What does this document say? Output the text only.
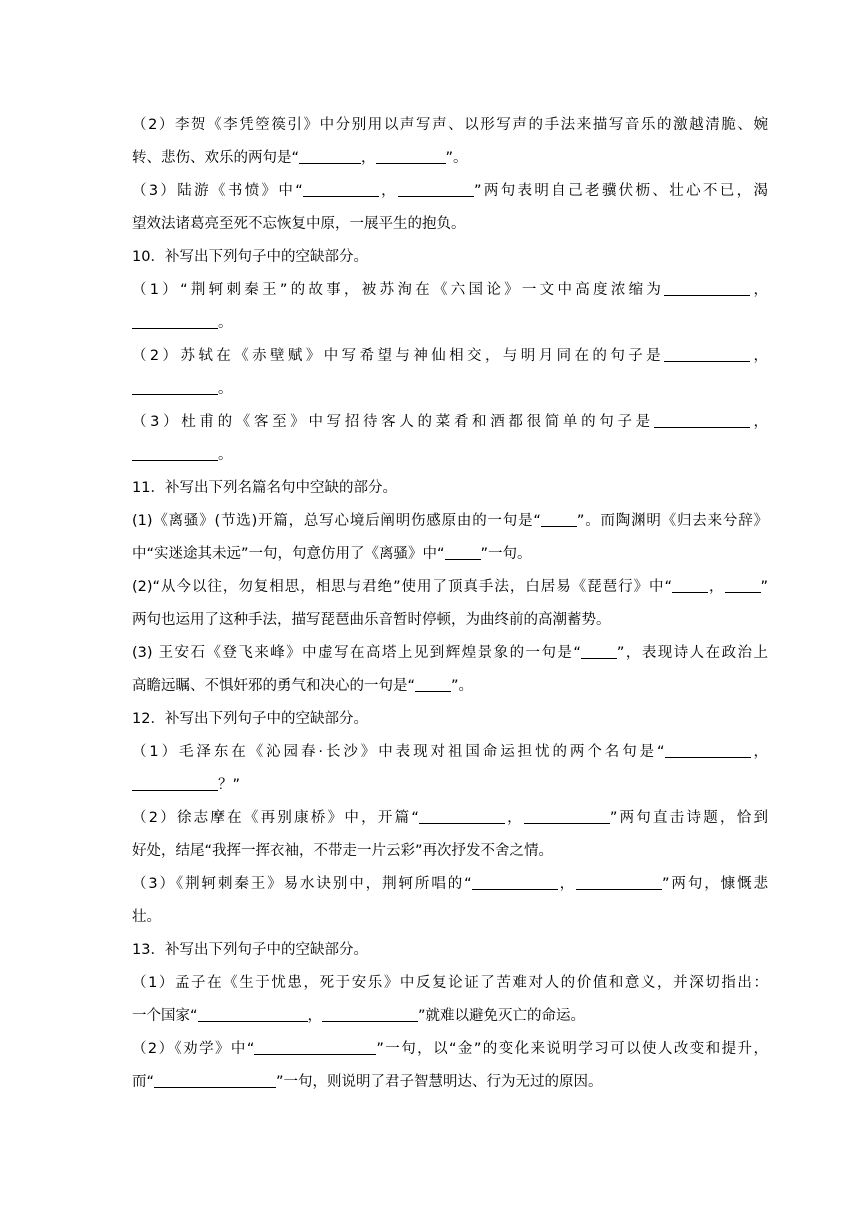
（2）李贺《李凭箜篌引》中分别用以声写声、以形写声的手法来描写音乐的激越清脆、婉
转、悲伤、欢乐的两句是“	，	”。
（3）陆游《书愤》中“	，	”两句表明自己老骥伏枥、壮心不已，渴
望效法诸葛亮至死不忘恢复中原，一展平生的抱负。
10．补写出下列句子中的空缺部分。
（1）“荆轲刺秦王”的故事，被苏洵在《六国论》一文中高度浓缩为	，
。
（2）苏轼在《赤壁赋》中写希望与神仙相交，与明月同在的句子是	，
。
（3）杜甫的《客至》中写招待客人的菜肴和酒都很简单的句子是	，
。
11．补写出下列名篇名句中空缺的部分。
(1)《离骚》(节选)开篇，总写心境后阐明伤感原由的一句是“ ”。而陶渊明《归去来兮辞》
中“实迷途其未远”一句，句意仿用了《离骚》中“ ”一句。
(2)“从今以往，勿复相思，相思与君绝”使用了顶真手法，白居易《琵琶行》中“ ， ”
两句也运用了这种手法，描写琵琶曲乐音暂时停顿，为曲终前的高潮蓄势。
(3) 王安石《登飞来峰》中虚写在高塔上见到辉煌景象的一句是“ ”，表现诗人在政治上
高瞻远瞩、不惧奸邪的勇气和决心的一句是“ ”。
12．补写出下列句子中的空缺部分。
（1）毛泽东在《沁园春·长沙》中表现对祖国命运担忧的两个名句是“	，
？”
（2）徐志摩在《再别康桥》中，开篇“	，	”两句直击诗题，恰到
好处，结尾“我挥一挥衣袖，不带走一片云彩”再次抒发不舍之情。
（3）《荆轲刺秦王》易水诀别中，荆轲所唱的“	，	”两句，慷慨悲
壮。
13．补写出下列句子中的空缺部分。
（1）孟子在《生于忧患，死于安乐》中反复论证了苦难对人的价值和意义，并深切指出：
一个国家“	，	”就难以避免灭亡的命运。
（2）《劝学》中“	”一句，以“金”的变化来说明学习可以使人改变和提升，
而“	”一句，则说明了君子智慧明达、行为无过的原因。
